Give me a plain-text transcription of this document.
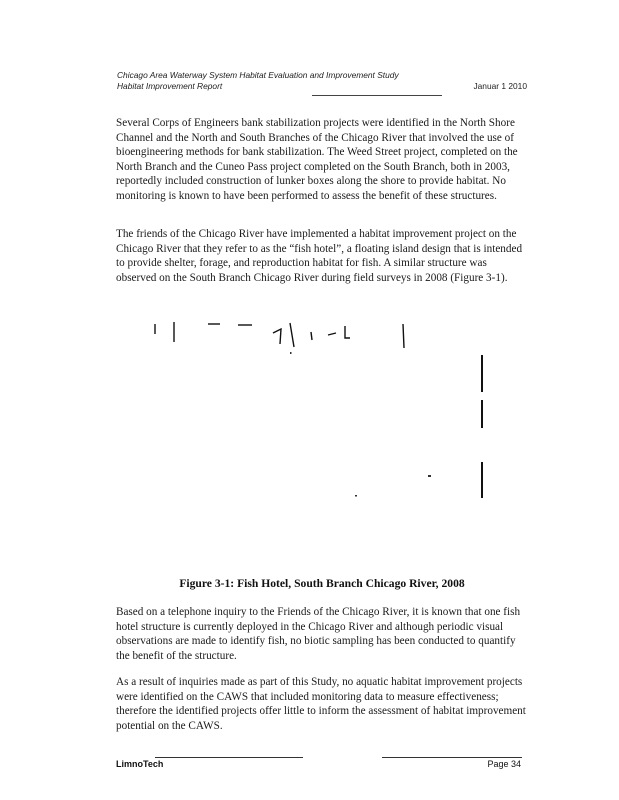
Chicago Area Waterway System Habitat Evaluation and Improvement Study
Habitat Improvement Report	Januar 1 2010

Several Corps of Engineers bank stabilization projects were identified in the North Shore Channel and the North and South Branches of the Chicago River that involved the use of bioengineering methods for bank stabilization. The Weed Street project, completed on the North Branch and the Cuneo Pass project completed on the South Branch, both in 2003, reportedly included construction of lunker boxes along the shore to provide habitat. No monitoring is known to have been performed to assess the benefit of these structures.

The friends of the Chicago River have implemented a habitat improvement project on the Chicago River that they refer to as the “fish hotel”, a floating island design that is intended to provide shelter, forage, and reproduction habitat for fish. A similar structure was observed on the South Branch Chicago River during field surveys in 2008 (Figure 3-1).

Figure 3-1: Fish Hotel, South Branch Chicago River, 2008

Based on a telephone inquiry to the Friends of the Chicago River, it is known that one fish hotel structure is currently deployed in the Chicago River and although periodic visual observations are made to identify fish, no biotic sampling has been conducted to quantify the benefit of the structure.

As a result of inquiries made as part of this Study, no aquatic habitat improvement projects were identified on the CAWS that included monitoring data to measure effectiveness; therefore the identified projects offer little to inform the assessment of habitat improvement potential on the CAWS.

LimnoTech	Page 34
